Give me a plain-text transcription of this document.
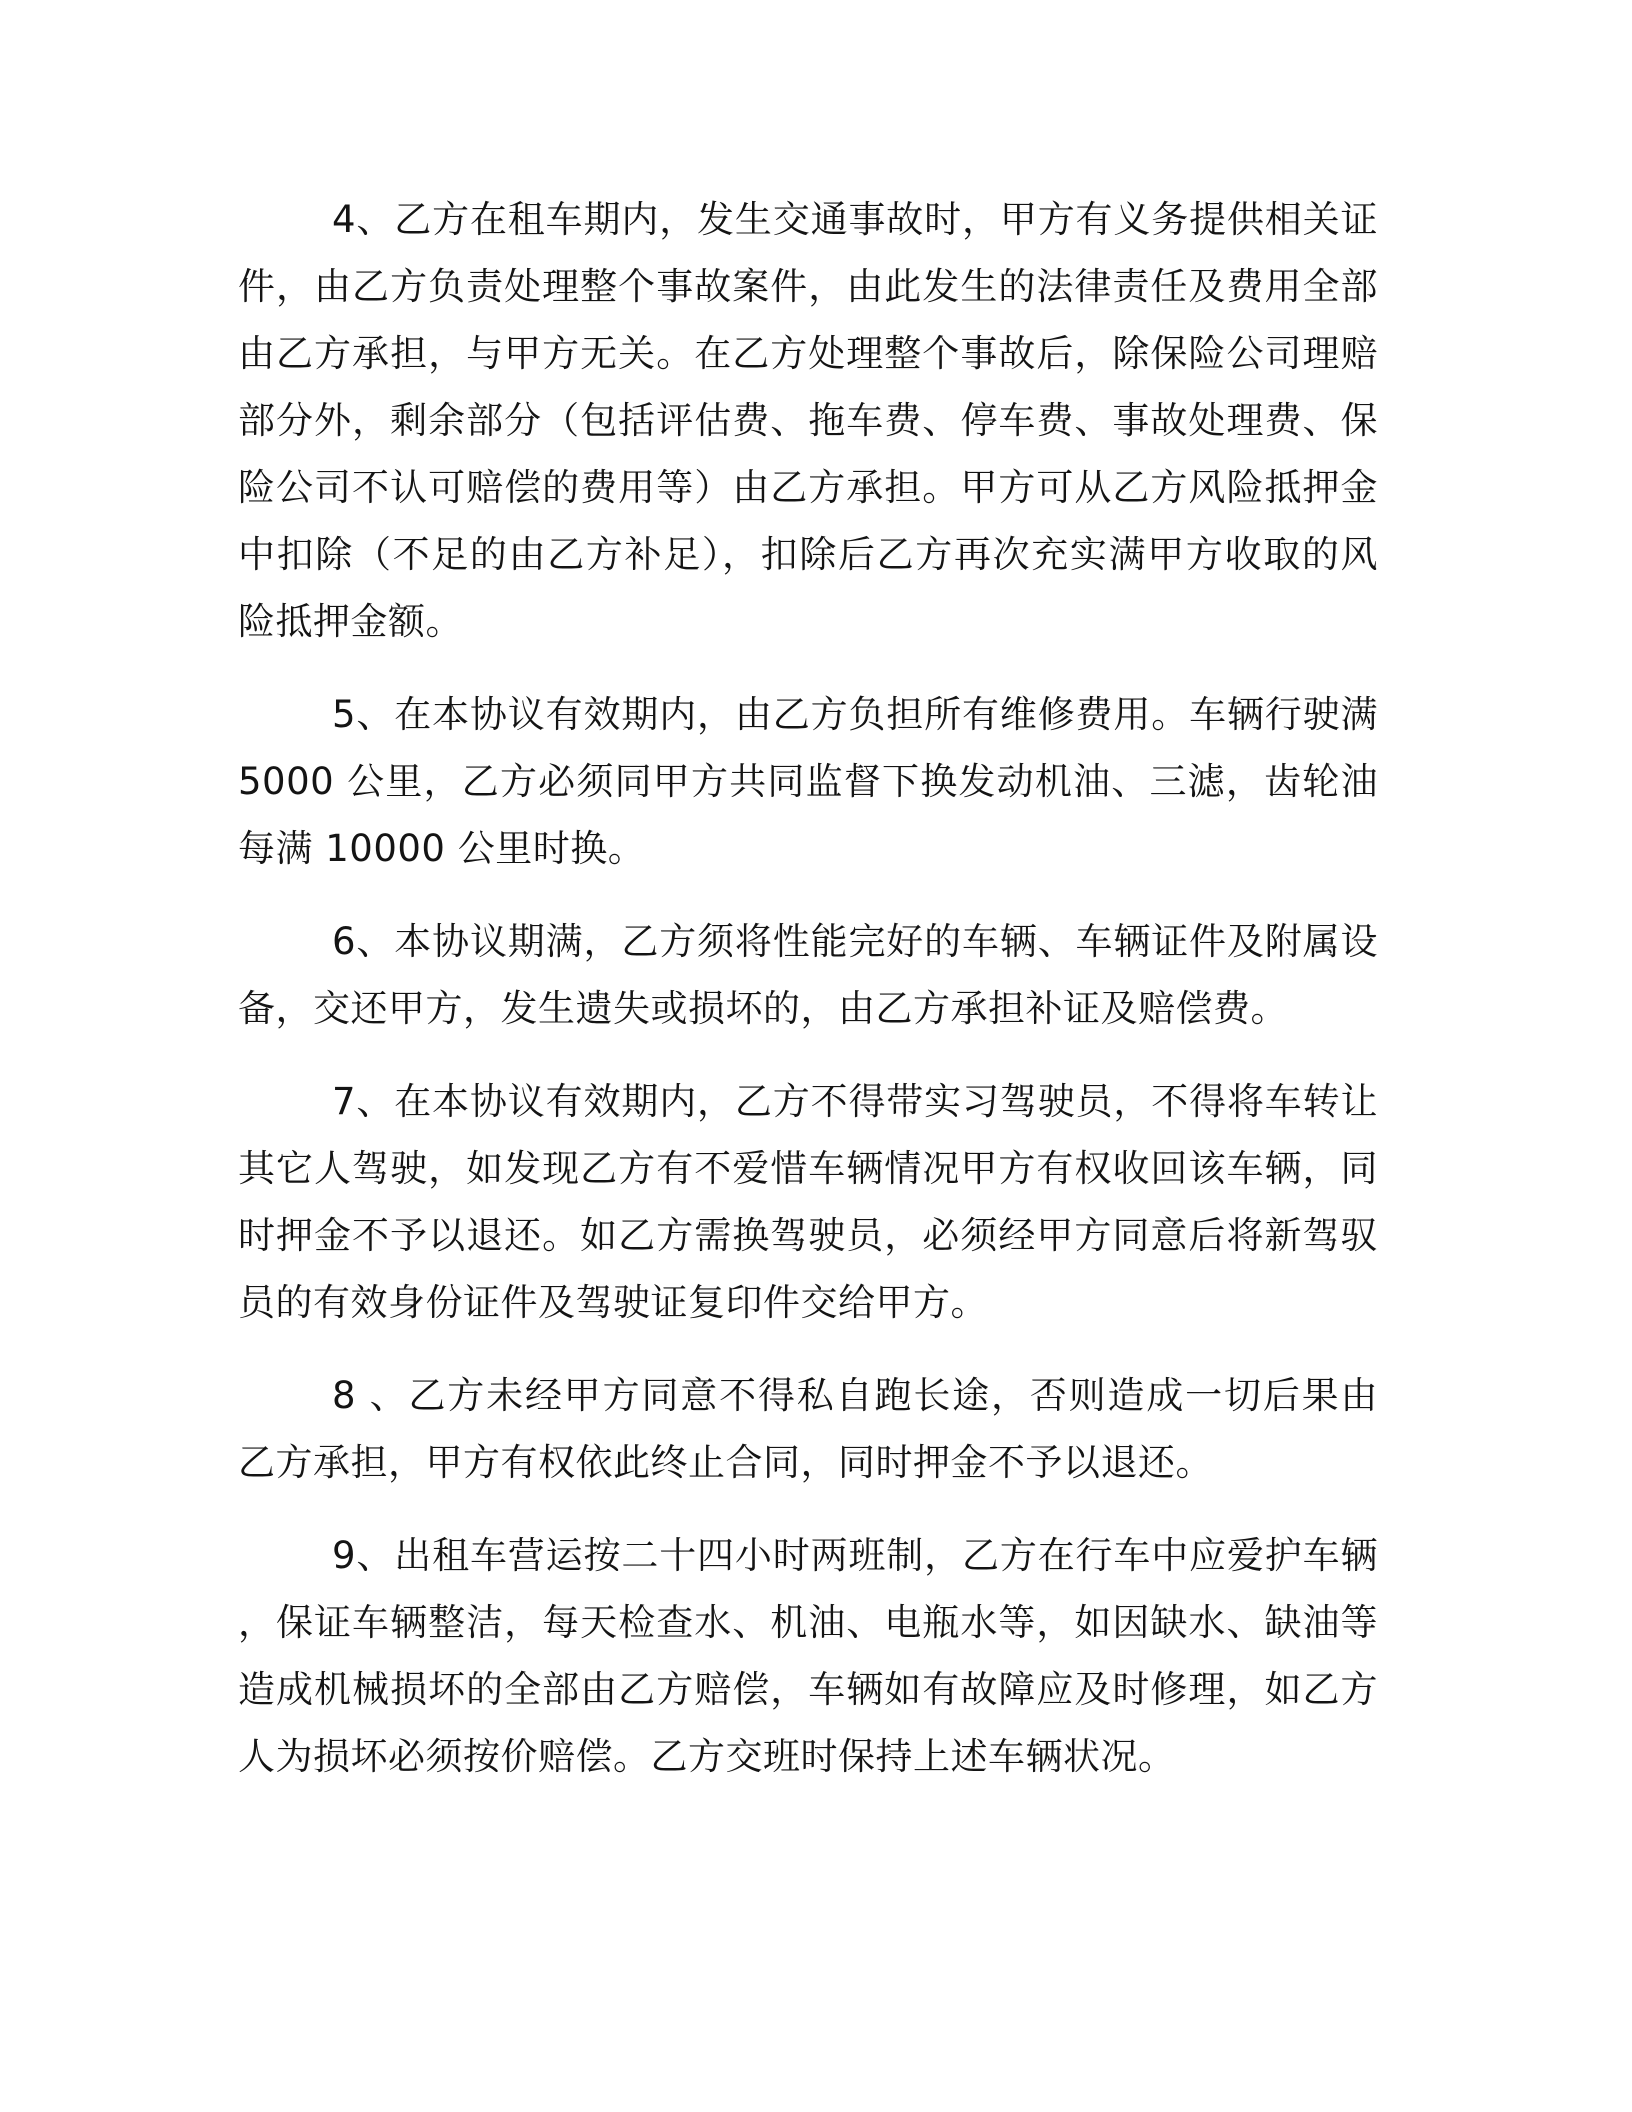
4、乙方在租车期内，发生交通事故时，甲方有义务提供相关证件，由乙方负责处理整个事故案件，由此发生的法律责任及费用全部由乙方承担，与甲方无关。在乙方处理整个事故后，除保险公司理赔部分外，剩余部分（包括评估费、拖车费、停车费、事故处理费、保险公司不认可赔偿的费用等）由乙方承担。甲方可从乙方风险抵押金中扣除（不足的由乙方补足），扣除后乙方再次充实满甲方收取的风险抵押金额。

5、在本协议有效期内，由乙方负担所有维修费用。车辆行驶满5000 公里，乙方必须同甲方共同监督下换发动机油、三滤，齿轮油每满 10000 公里时换。

6、本协议期满，乙方须将性能完好的车辆、车辆证件及附属设备，交还甲方，发生遗失或损坏的，由乙方承担补证及赔偿费。

7、在本协议有效期内，乙方不得带实习驾驶员，不得将车转让其它人驾驶，如发现乙方有不爱惜车辆情况甲方有权收回该车辆，同时押金不予以退还。如乙方需换驾驶员，必须经甲方同意后将新驾驭员的有效身份证件及驾驶证复印件交给甲方。

8 、乙方未经甲方同意不得私自跑长途，否则造成一切后果由乙方承担，甲方有权依此终止合同，同时押金不予以退还。

9、出租车营运按二十四小时两班制，乙方在行车中应爱护车辆，保证车辆整洁，每天检查水、机油、电瓶水等，如因缺水、缺油等造成机械损坏的全部由乙方赔偿，车辆如有故障应及时修理，如乙方人为损坏必须按价赔偿。乙方交班时保持上述车辆状况。
